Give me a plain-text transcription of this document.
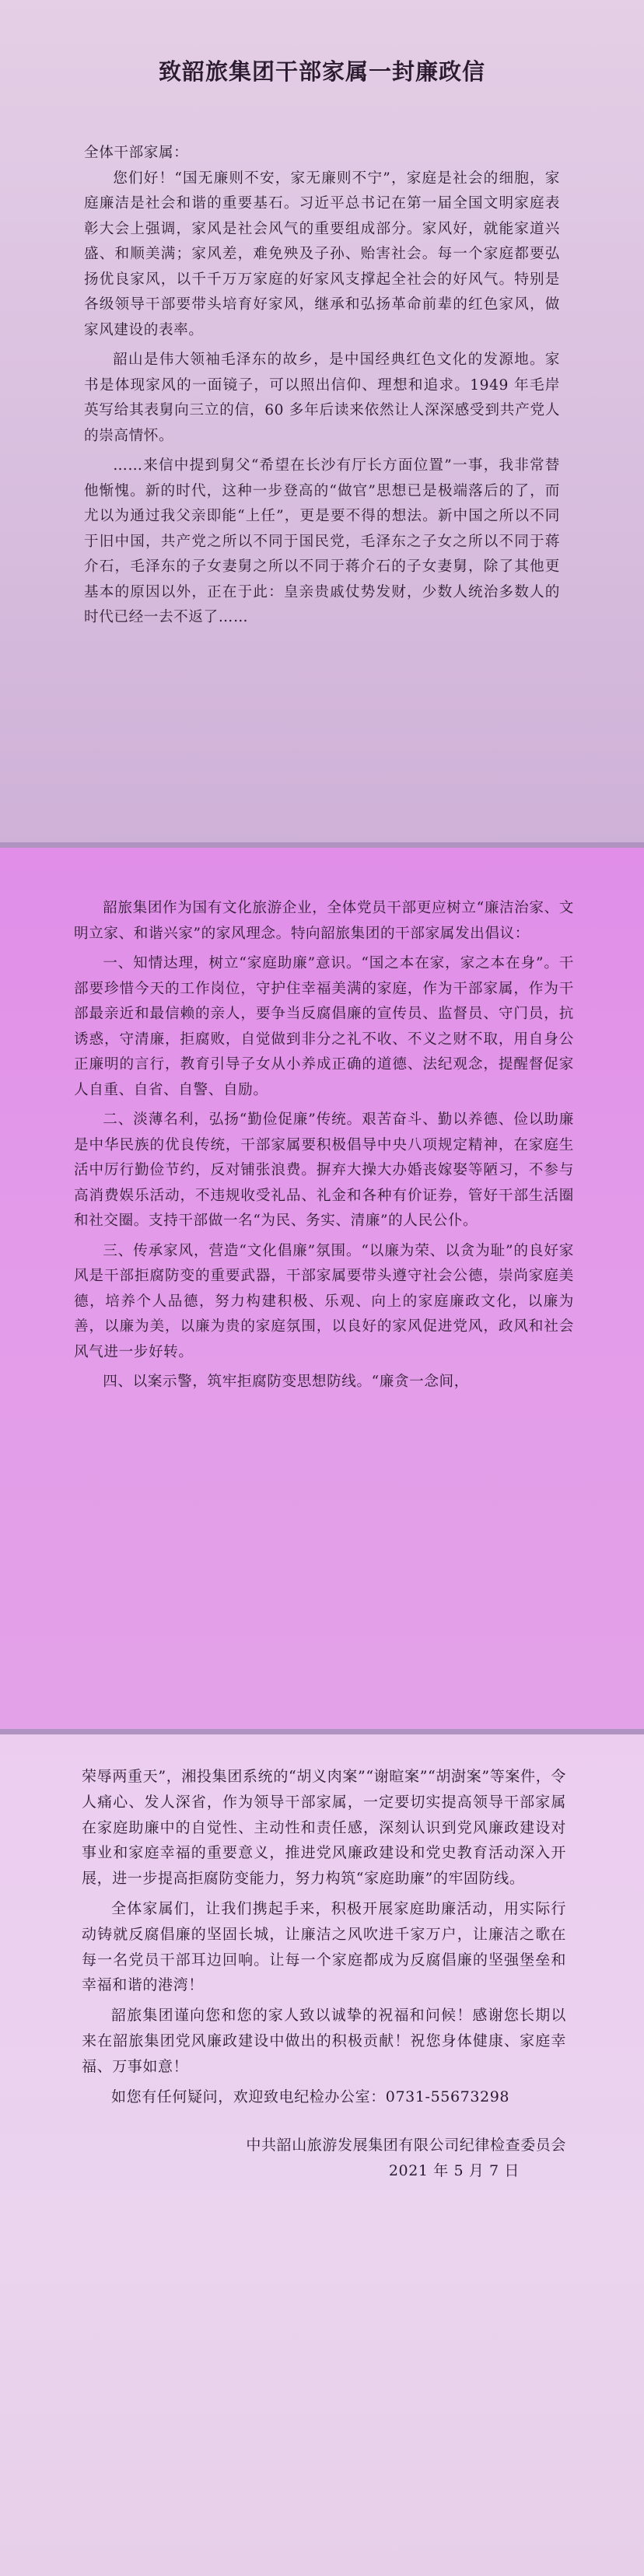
致韶旅集团干部家属一封廉政信

全体干部家属：

您们好！“国无廉则不安，家无廉则不宁”，家庭是社会的细胞，家庭廉洁是社会和谐的重要基石。习近平总书记在第一届全国文明家庭表彰大会上强调，家风是社会风气的重要组成部分。家风好，就能家道兴盛、和顺美满；家风差，难免殃及子孙、贻害社会。每一个家庭都要弘扬优良家风，以千千万万家庭的好家风支撑起全社会的好风气。特别是各级领导干部要带头培育好家风，继承和弘扬革命前辈的红色家风，做家风建设的表率。

韶山是伟大领袖毛泽东的故乡，是中国经典红色文化的发源地。家书是体现家风的一面镜子，可以照出信仰、理想和追求。1949 年毛岸英写给其表舅向三立的信，60 多年后读来依然让人深深感受到共产党人的崇高情怀。

……来信中提到舅父“希望在长沙有厅长方面位置”一事，我非常替他惭愧。新的时代，这种一步登高的“做官”思想已是极端落后的了，而尤以为通过我父亲即能“上任”，更是要不得的想法。新中国之所以不同于旧中国，共产党之所以不同于国民党，毛泽东之子女之所以不同于蒋介石，毛泽东的子女妻舅之所以不同于蒋介石的子女妻舅，除了其他更基本的原因以外，正在于此：皇亲贵戚仗势发财，少数人统治多数人的时代已经一去不返了……

韶旅集团作为国有文化旅游企业，全体党员干部更应树立“廉洁治家、文明立家、和谐兴家”的家风理念。特向韶旅集团的干部家属发出倡议：

一、知情达理，树立“家庭助廉”意识。“国之本在家，家之本在身”。干部要珍惜今天的工作岗位，守护住幸福美满的家庭，作为干部家属，作为干部最亲近和最信赖的亲人，要争当反腐倡廉的宣传员、监督员、守门员，抗诱惑，守清廉，拒腐败，自觉做到非分之礼不收、不义之财不取，用自身公正廉明的言行，教育引导子女从小养成正确的道德、法纪观念，提醒督促家人自重、自省、自警、自励。

二、淡薄名利，弘扬“勤俭促廉”传统。艰苦奋斗、勤以养德、俭以助廉是中华民族的优良传统，干部家属要积极倡导中央八项规定精神，在家庭生活中厉行勤俭节约，反对铺张浪费。摒弃大操大办婚丧嫁娶等陋习，不参与高消费娱乐活动，不违规收受礼品、礼金和各种有价证券，管好干部生活圈和社交圈。支持干部做一名“为民、务实、清廉”的人民公仆。

三、传承家风，营造“文化倡廉”氛围。“以廉为荣、以贪为耻”的良好家风是干部拒腐防变的重要武器，干部家属要带头遵守社会公德，崇尚家庭美德，培养个人品德，努力构建积极、乐观、向上的家庭廉政文化，以廉为善，以廉为美，以廉为贵的家庭氛围，以良好的家风促进党风，政风和社会风气进一步好转。

四、以案示警，筑牢拒腐防变思想防线。“廉贪一念间，

荣辱两重天”，湘投集团系统的“胡义肉案”“谢暄案”“胡澍案”等案件，令人痛心、发人深省，作为领导干部家属，一定要切实提高领导干部家属在家庭助廉中的自觉性、主动性和责任感，深刻认识到党风廉政建设对事业和家庭幸福的重要意义，推进党风廉政建设和党史教育活动深入开展，进一步提高拒腐防变能力，努力构筑“家庭助廉”的牢固防线。

全体家属们，让我们携起手来，积极开展家庭助廉活动，用实际行动铸就反腐倡廉的坚固长城，让廉洁之风吹进千家万户，让廉洁之歌在每一名党员干部耳边回响。让每一个家庭都成为反腐倡廉的坚强堡垒和幸福和谐的港湾！

韶旅集团谨向您和您的家人致以诚挚的祝福和问候！感谢您长期以来在韶旅集团党风廉政建设中做出的积极贡献！祝您身体健康、家庭幸福、万事如意！

如您有任何疑问，欢迎致电纪检办公室：0731-55673298

中共韶山旅游发展集团有限公司纪律检查委员会

2021 年 5 月 7 日
